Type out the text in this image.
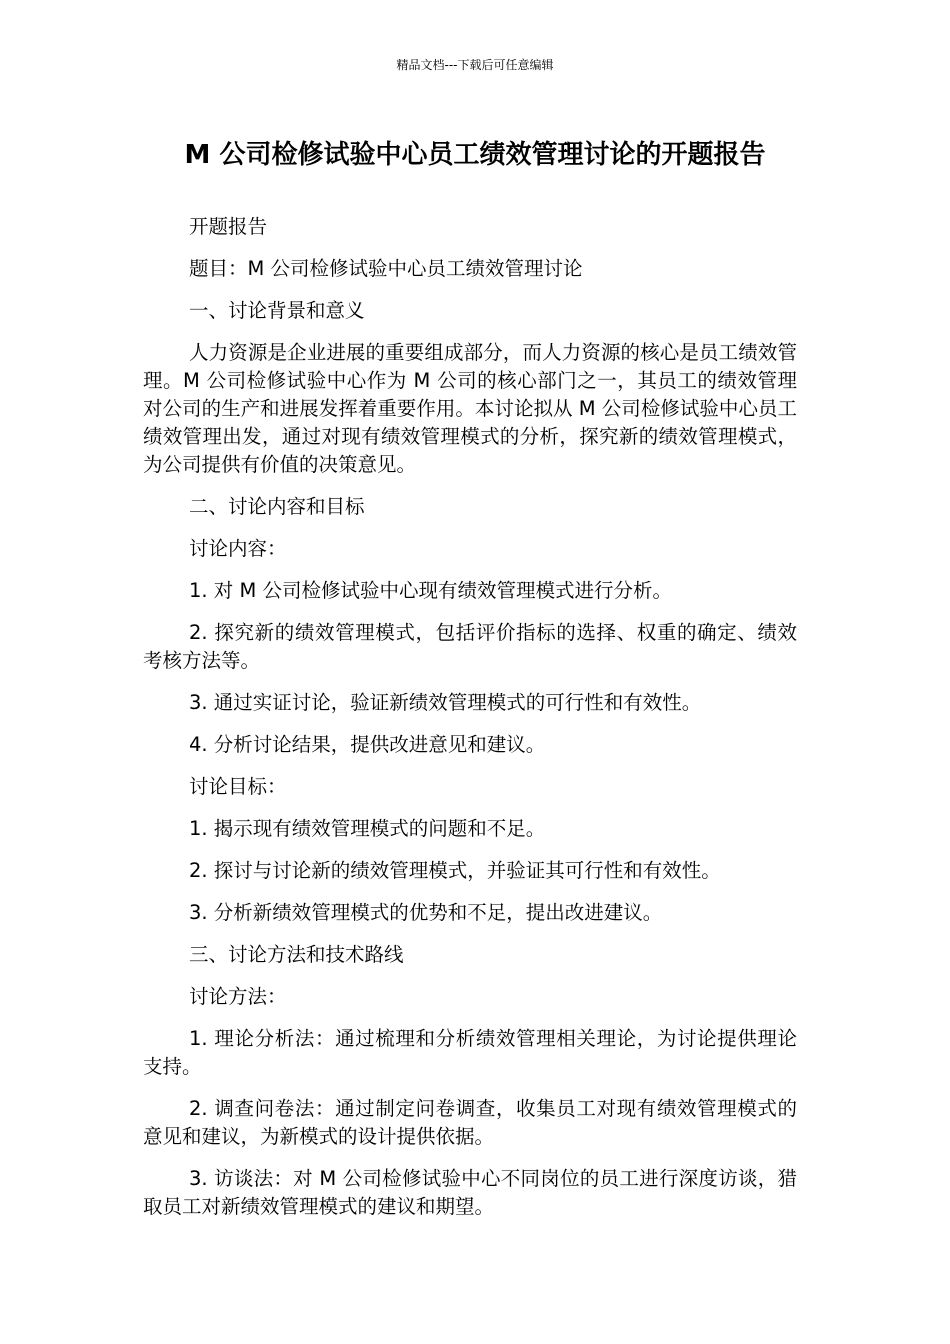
精品文档---下载后可任意编辑
M 公司检修试验中心员工绩效管理讨论的开题报告

开题报告

题目：M 公司检修试验中心员工绩效管理讨论

一、讨论背景和意义

人力资源是企业进展的重要组成部分，而人力资源的核心是员工绩效管理。M 公司检修试验中心作为 M 公司的核心部门之一，其员工的绩效管理对公司的生产和进展发挥着重要作用。本讨论拟从 M 公司检修试验中心员工绩效管理出发，通过对现有绩效管理模式的分析，探究新的绩效管理模式，为公司提供有价值的决策意见。

二、讨论内容和目标

讨论内容：

1. 对 M 公司检修试验中心现有绩效管理模式进行分析。

2. 探究新的绩效管理模式，包括评价指标的选择、权重的确定、绩效考核方法等。

3. 通过实证讨论，验证新绩效管理模式的可行性和有效性。

4. 分析讨论结果，提供改进意见和建议。

讨论目标：

1. 揭示现有绩效管理模式的问题和不足。

2. 探讨与讨论新的绩效管理模式，并验证其可行性和有效性。

3. 分析新绩效管理模式的优势和不足，提出改进建议。

三、讨论方法和技术路线

讨论方法：

1. 理论分析法：通过梳理和分析绩效管理相关理论，为讨论提供理论支持。

2. 调查问卷法：通过制定问卷调查，收集员工对现有绩效管理模式的意见和建议，为新模式的设计提供依据。

3. 访谈法：对 M 公司检修试验中心不同岗位的员工进行深度访谈，猎取员工对新绩效管理模式的建议和期望。
